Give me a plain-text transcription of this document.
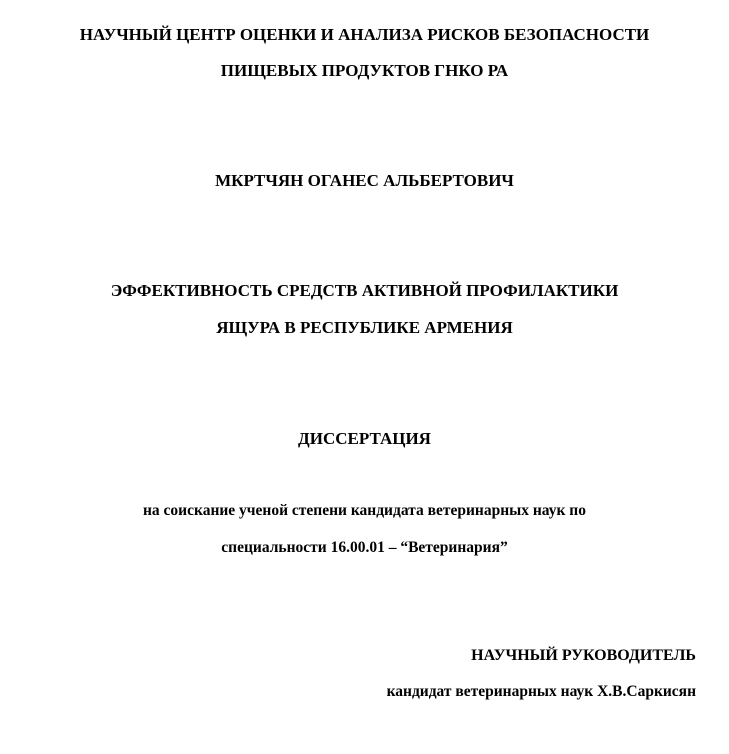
НАУЧНЫЙ ЦЕНТР ОЦЕНКИ И АНАЛИЗА РИСКОВ БЕЗОПАСНОСТИ
ПИЩЕВЫХ ПРОДУКТОВ ГНКО РА
МКРТЧЯН ОГАНЕС АЛЬБЕРТОВИЧ
ЭФФЕКТИВНОСТЬ СРЕДСТВ АКТИВНОЙ ПРОФИЛАКТИКИ
ЯЩУРА В РЕСПУБЛИКЕ АРМЕНИЯ
ДИССЕРТАЦИЯ
на соискание ученой степени кандидата ветеринарных наук по
специальности 16.00.01 – “Ветеринария”
НАУЧНЫЙ РУКОВОДИТЕЛЬ
кандидат ветеринарных наук Х.В.Саркисян
